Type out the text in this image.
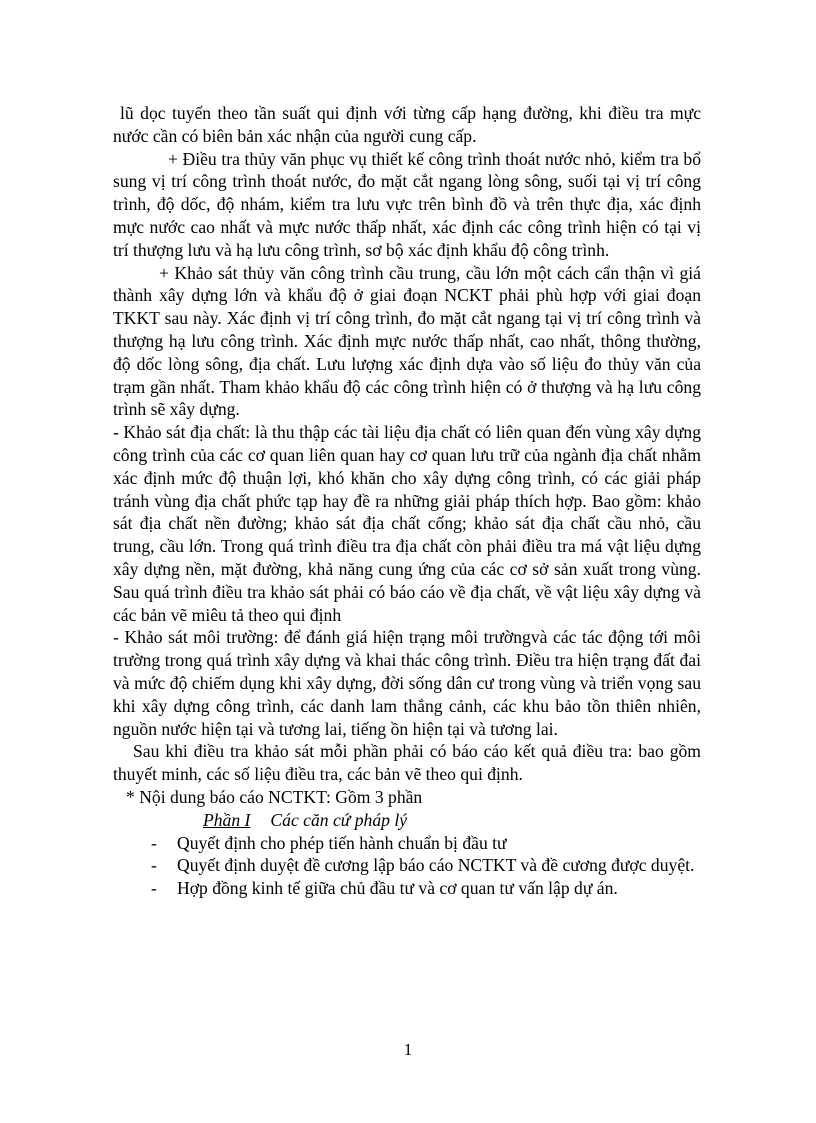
lũ dọc tuyến theo tần suất qui định với từng cấp hạng đường, khi điều tra mực nước cần có biên bản xác nhận của người cung cấp.

+ Điều tra thủy văn phục vụ thiết kế công trình thoát nước nhỏ, kiểm tra bổ sung vị trí công trình thoát nước, đo mặt cắt ngang lòng sông, suối tại vị trí công trình, độ dốc, độ nhám, kiểm tra lưu vực trên bình đồ và trên thực địa, xác định mực nước cao nhất và mực nước thấp nhất, xác định các công trình hiện có tại vị trí thượng lưu và hạ lưu công trình, sơ bộ xác định khẩu độ công trình.

+ Khảo sát thủy văn công trình cầu trung, cầu lớn một cách cẩn thận vì giá thành xây dựng lớn và khẩu độ ở giai đoạn NCKT phải phù hợp với giai đoạn TKKT sau này. Xác định vị trí công trình, đo mặt cắt ngang tại vị trí công trình và thượng hạ lưu công trình. Xác định mực nước thấp nhất, cao nhất, thông thường, độ dốc lòng sông, địa chất. Lưu lượng xác định dựa vào số liệu đo thủy văn của trạm gần nhất. Tham khảo khẩu độ các công trình hiện có ở thượng và hạ lưu công trình sẽ xây dựng.

- Khảo sát địa chất: là thu thập các tài liệu địa chất có liên quan đến vùng xây dựng công trình của các cơ quan liên quan hay cơ quan lưu trữ của ngành địa chất nhằm xác định mức độ thuận lợi, khó khăn cho xây dựng công trình, có các giải pháp tránh vùng địa chất phức tạp hay đề ra những giải pháp thích hợp. Bao gồm: khảo sát địa chất nền đường; khảo sát địa chất cống; khảo sát địa chất cầu nhỏ, cầu trung, cầu lớn. Trong quá trình điều tra địa chất còn phải điều tra má vật liệu dựng xây dựng nền, mặt đường, khả năng cung ứng của các cơ sở sản xuất trong vùng. Sau quá trình điều tra khảo sát phải có báo cáo về địa chất, về vật liệu xây dựng và các bản vẽ miêu tả theo qui định

- Khảo sát môi trường: để đánh giá hiện trạng môi trườngvà các tác động tới môi trường trong quá trình xây dựng và khai thác công trình. Điều tra hiện trạng đất đai và mức độ chiếm dụng khi xây dựng, đời sống dân cư trong vùng và triển vọng sau khi xây dựng công trình, các danh lam thắng cảnh, các khu bảo tồn thiên nhiên, nguồn nước hiện tại và tương lai, tiếng ồn hiện tại và tương lai.

Sau khi điều tra khảo sát mỗi phần phải có báo cáo kết quả điều tra: bao gồm thuyết minh, các số liệu điều tra, các bản vẽ theo qui định.

* Nội dung báo cáo NCTKT: Gồm 3 phần

Phần I Các căn cứ pháp lý

- Quyết định cho phép tiến hành chuẩn bị đầu tư
- Quyết định duyệt đề cương lập báo cáo NCTKT và đề cương được duyệt.
- Hợp đồng kinh tế giữa chủ đầu tư và cơ quan tư vấn lập dự án.
1
